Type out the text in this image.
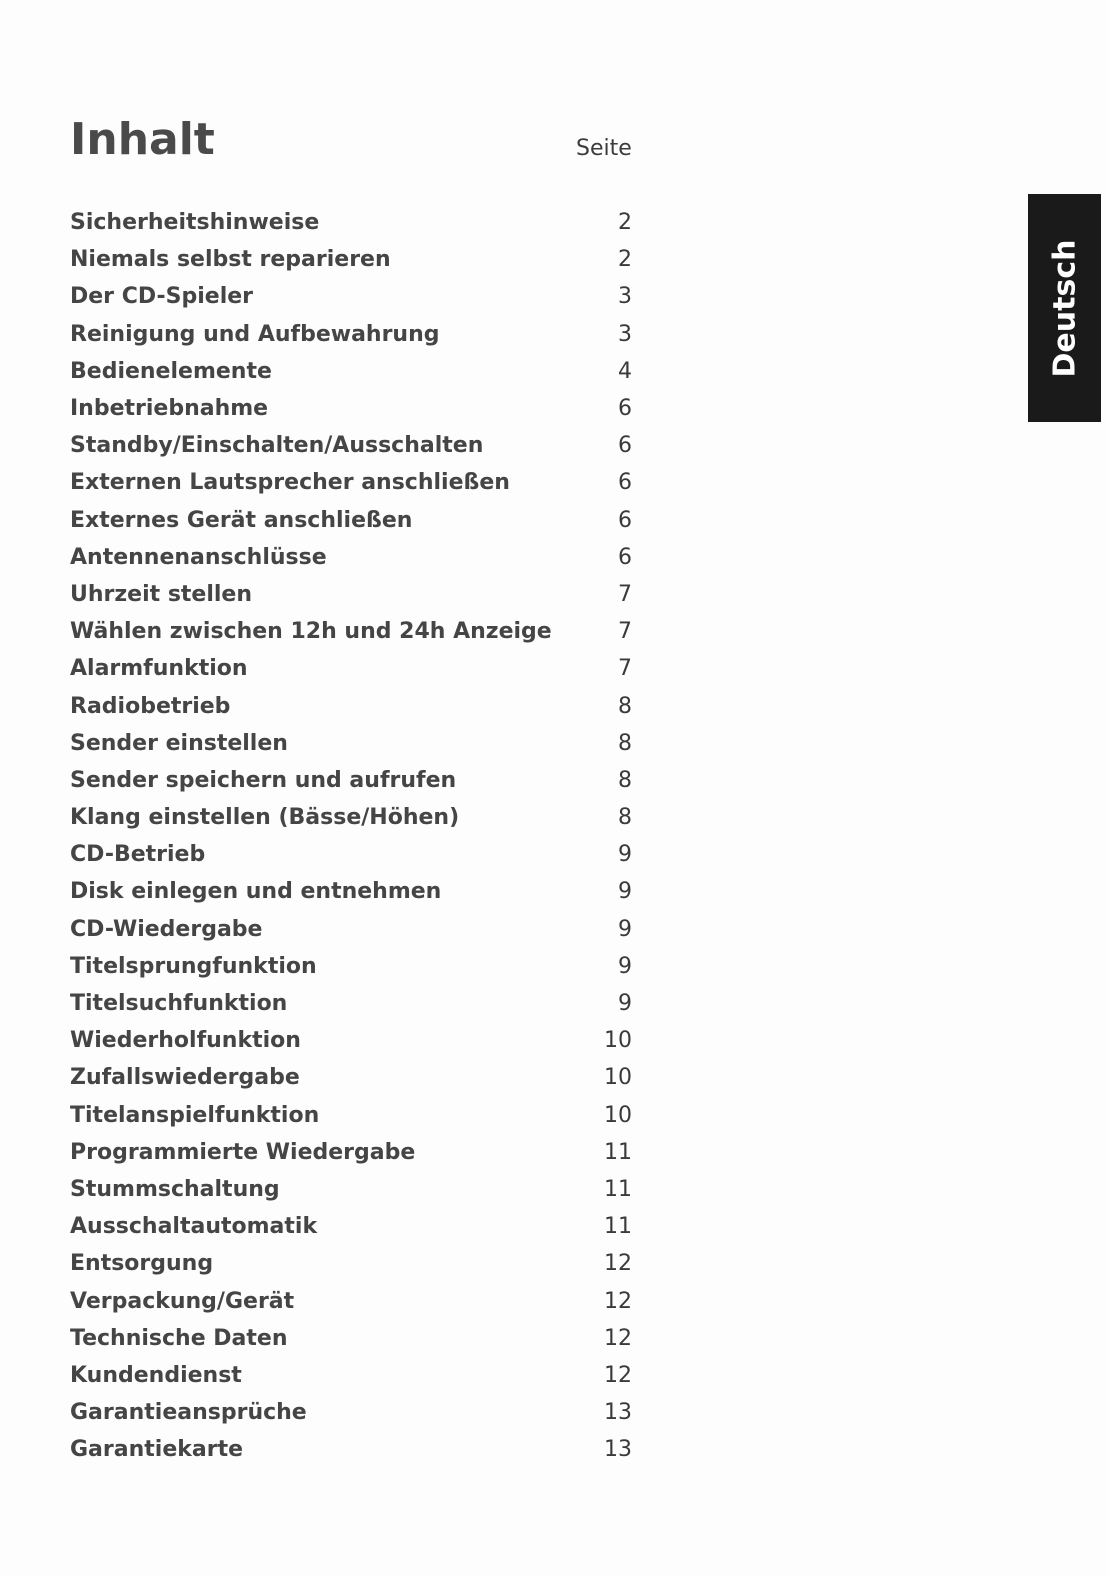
Inhalt	Seite
Sicherheitshinweise	2
Niemals selbst reparieren	2
Der CD-Spieler	3
Reinigung und Aufbewahrung	3
Bedienelemente	4
Inbetriebnahme	6
Standby/Einschalten/Ausschalten	6
Externen Lautsprecher anschließen	6
Externes Gerät anschließen	6
Antennenanschlüsse	6
Uhrzeit stellen	7
Wählen zwischen 12h und 24h Anzeige	7
Alarmfunktion	7
Radiobetrieb	8
Sender einstellen	8
Sender speichern und aufrufen	8
Klang einstellen (Bässe/Höhen)	8
CD-Betrieb	9
Disk einlegen und entnehmen	9
CD-Wiedergabe	9
Titelsprungfunktion	9
Titelsuchfunktion	9
Wiederholfunktion	10
Zufallswiedergabe	10
Titelanspielfunktion	10
Programmierte Wiedergabe	11
Stummschaltung	11
Ausschaltautomatik	11
Entsorgung	12
Verpackung/Gerät	12
Technische Daten	12
Kundendienst	12
Garantieansprüche	13
Garantiekarte	13
Deutsch
